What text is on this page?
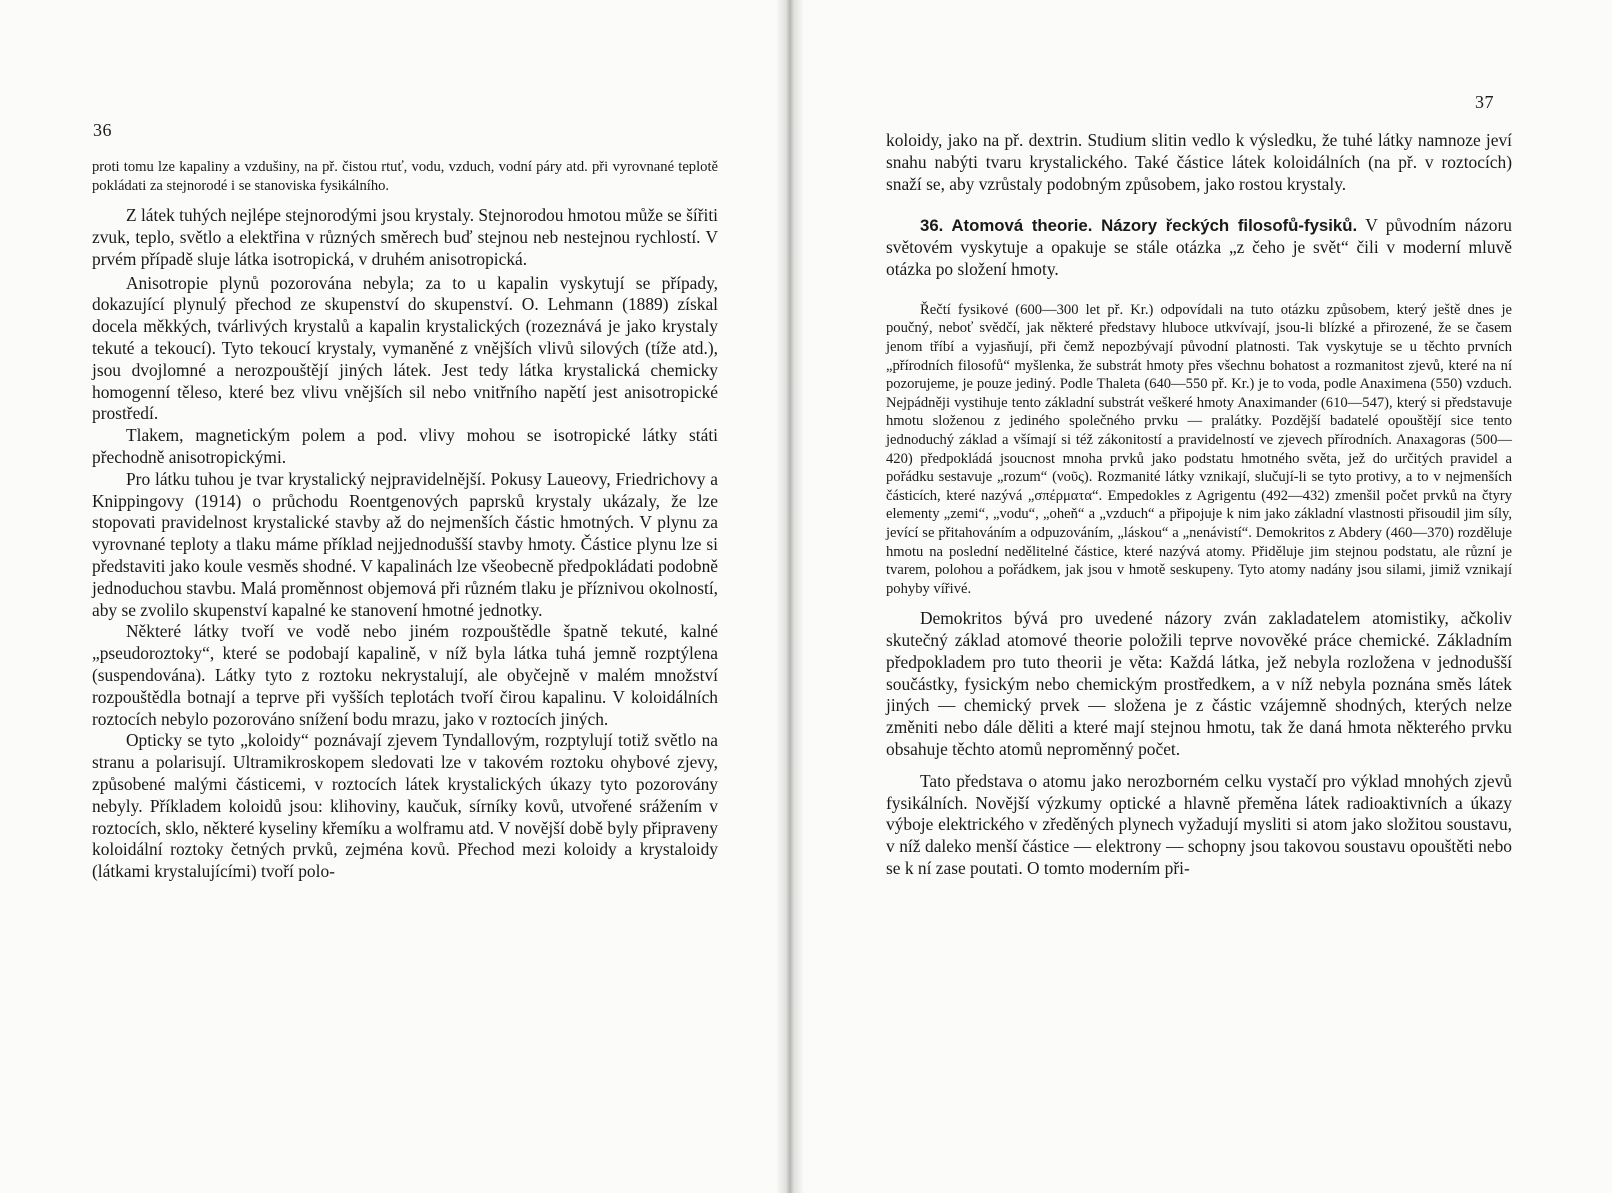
36

proti tomu lze kapaliny a vzdušiny, na př. čistou rtuť, vodu, vzduch, vodní páry atd. při vyrovnané teplotě pokládati za stejnorodé i se stanoviska fysikálního.

Z látek tuhých nejlépe stejnorodými jsou krystaly. Stejnorodou hmotou může se šířiti zvuk, teplo, světlo a elektřina v různých směrech buď stejnou neb nestejnou rychlostí. V prvém případě sluje látka isotropická, v druhém anisotropická.

Anisotropie plynů pozorována nebyla; za to u kapalin vyskytují se případy, dokazující plynulý přechod ze skupenství do skupenství. O. Lehmann (1889) získal docela měkkých, tvárlivých krystalů a kapalin krystalických (rozeznává je jako krystaly tekuté a tekoucí). Tyto tekoucí krystaly, vymaněné z vnějších vlivů silových (tíže atd.), jsou dvojlomné a nerozpouštějí jiných látek. Jest tedy látka krystalická chemicky homogenní těleso, které bez vlivu vnějších sil nebo vnitřního napětí jest anisotropické prostředí.

Tlakem, magnetickým polem a pod. vlivy mohou se isotropické látky státi přechodně anisotropickými.

Pro látku tuhou je tvar krystalický nejpravidelnější. Pokusy Laueovy, Friedrichovy a Knippingovy (1914) o průchodu Roentgenových paprsků krystaly ukázaly, že lze stopovati pravidelnost krystalické stavby až do nejmenších částic hmotných. V plynu za vyrovnané teploty a tlaku máme příklad nejjednodušší stavby hmoty. Částice plynu lze si představiti jako koule vesměs shodné. V kapalinách lze všeobecně předpokládati podobně jednoduchou stavbu. Malá proměnnost objemová při různém tlaku je příznivou okolností, aby se zvolilo skupenství kapalné ke stanovení hmotné jednotky.

Některé látky tvoří ve vodě nebo jiném rozpouštědle špatně tekuté, kalné „pseudoroztoky“, které se podobají kapalině, v níž byla látka tuhá jemně rozptýlena (suspendována). Látky tyto z roztoku nekrystalují, ale obyčejně v malém množství rozpouštědla botnají a teprve při vyšších teplotách tvoří čirou kapalinu. V koloidálních roztocích nebylo pozorováno snížení bodu mrazu, jako v roztocích jiných.

Opticky se tyto „koloidy“ poznávají zjevem Tyndallovým, rozptylují totiž světlo na stranu a polarisují. Ultramikroskopem sledovati lze v takovém roztoku ohybové zjevy, způsobené malými částicemi, v roztocích látek krystalických úkazy tyto pozorovány nebyly. Příkladem koloidů jsou: klihoviny, kaučuk, sírníky kovů, utvořené srážením v roztocích, sklo, některé kyseliny křemíku a wolframu atd. V novější době byly připraveny koloidální roztoky četných prvků, zejména kovů. Přechod mezi koloidy a krystaloidy (látkami krystalujícími) tvoří polo-

37

koloidy, jako na př. dextrin. Studium slitin vedlo k výsledku, že tuhé látky namnoze jeví snahu nabýti tvaru krystalického. Také částice látek koloidálních (na př. v roztocích) snaží se, aby vzrůstaly podobným způsobem, jako rostou krystaly.

36. Atomová theorie. Názory řeckých filosofů-fysiků. V původním názoru světovém vyskytuje a opakuje se stále otázka „z čeho je svět“ čili v moderní mluvě otázka po složení hmoty.

Řečtí fysikové (600—300 let př. Kr.) odpovídali na tuto otázku způsobem, který ještě dnes je poučný, neboť svědčí, jak některé představy hluboce utkvívají, jsou-li blízké a přirozené, že se časem jenom tříbí a vyjasňují, při čemž nepozbývají původní platnosti. Tak vyskytuje se u těchto prvních „přírodních filosofů“ myšlenka, že substrát hmoty přes všechnu bohatost a rozmanitost zjevů, které na ní pozorujeme, je pouze jediný. Podle Thaleta (640—550 př. Kr.) je to voda, podle Anaximena (550) vzduch. Nejpádněji vystihuje tento základní substrát veškeré hmoty Anaximander (610—547), který si představuje hmotu složenou z jediného společného prvku — pralátky. Pozdější badatelé opouštějí sice tento jednoduchý základ a všímají si též zákonitostí a pravidelností ve zjevech přírodních. Anaxagoras (500—420) předpokládá jsoucnost mnoha prvků jako podstatu hmotného světa, jež do určitých pravidel a pořádku sestavuje „rozum“ (νοῦς). Rozmanité látky vznikají, slučují-li se tyto protivy, a to v nejmenších částicích, které nazývá „σπέρματα“. Empedokles z Agrigentu (492—432) zmenšil počet prvků na čtyry elementy „zemi“, „vodu“, „oheň“ a „vzduch“ a připojuje k nim jako základní vlastnosti přisoudil jim síly, jevící se přitahováním a odpuzováním, „láskou“ a „nenávistí“. Demokritos z Abdery (460—370) rozděluje hmotu na poslední nedělitelné částice, které nazývá atomy. Přiděluje jim stejnou podstatu, ale různí je tvarem, polohou a pořádkem, jak jsou v hmotě seskupeny. Tyto atomy nadány jsou silami, jimiž vznikají pohyby vířivé.

Demokritos bývá pro uvedené názory zván zakladatelem atomistiky, ačkoliv skutečný základ atomové theorie položili teprve novověké práce chemické. Základním předpokladem pro tuto theorii je věta: Každá látka, jež nebyla rozložena v jednodušší součástky, fysickým nebo chemickým prostředkem, a v níž nebyla poznána směs látek jiných — chemický prvek — složena je z částic vzájemně shodných, kterých nelze změniti nebo dále děliti a které mají stejnou hmotu, tak že daná hmota některého prvku obsahuje těchto atomů neproměnný počet.

Tato představa o atomu jako nerozborném celku vystačí pro výklad mnohých zjevů fysikálních. Novější výzkumy optické a hlavně přeměna látek radioaktivních a úkazy výboje elektrického v zředěných plynech vyžadují mysliti si atom jako složitou soustavu, v níž daleko menší částice — elektrony — schopny jsou takovou soustavu opouštěti nebo se k ní zase poutati. O tomto moderním při-
